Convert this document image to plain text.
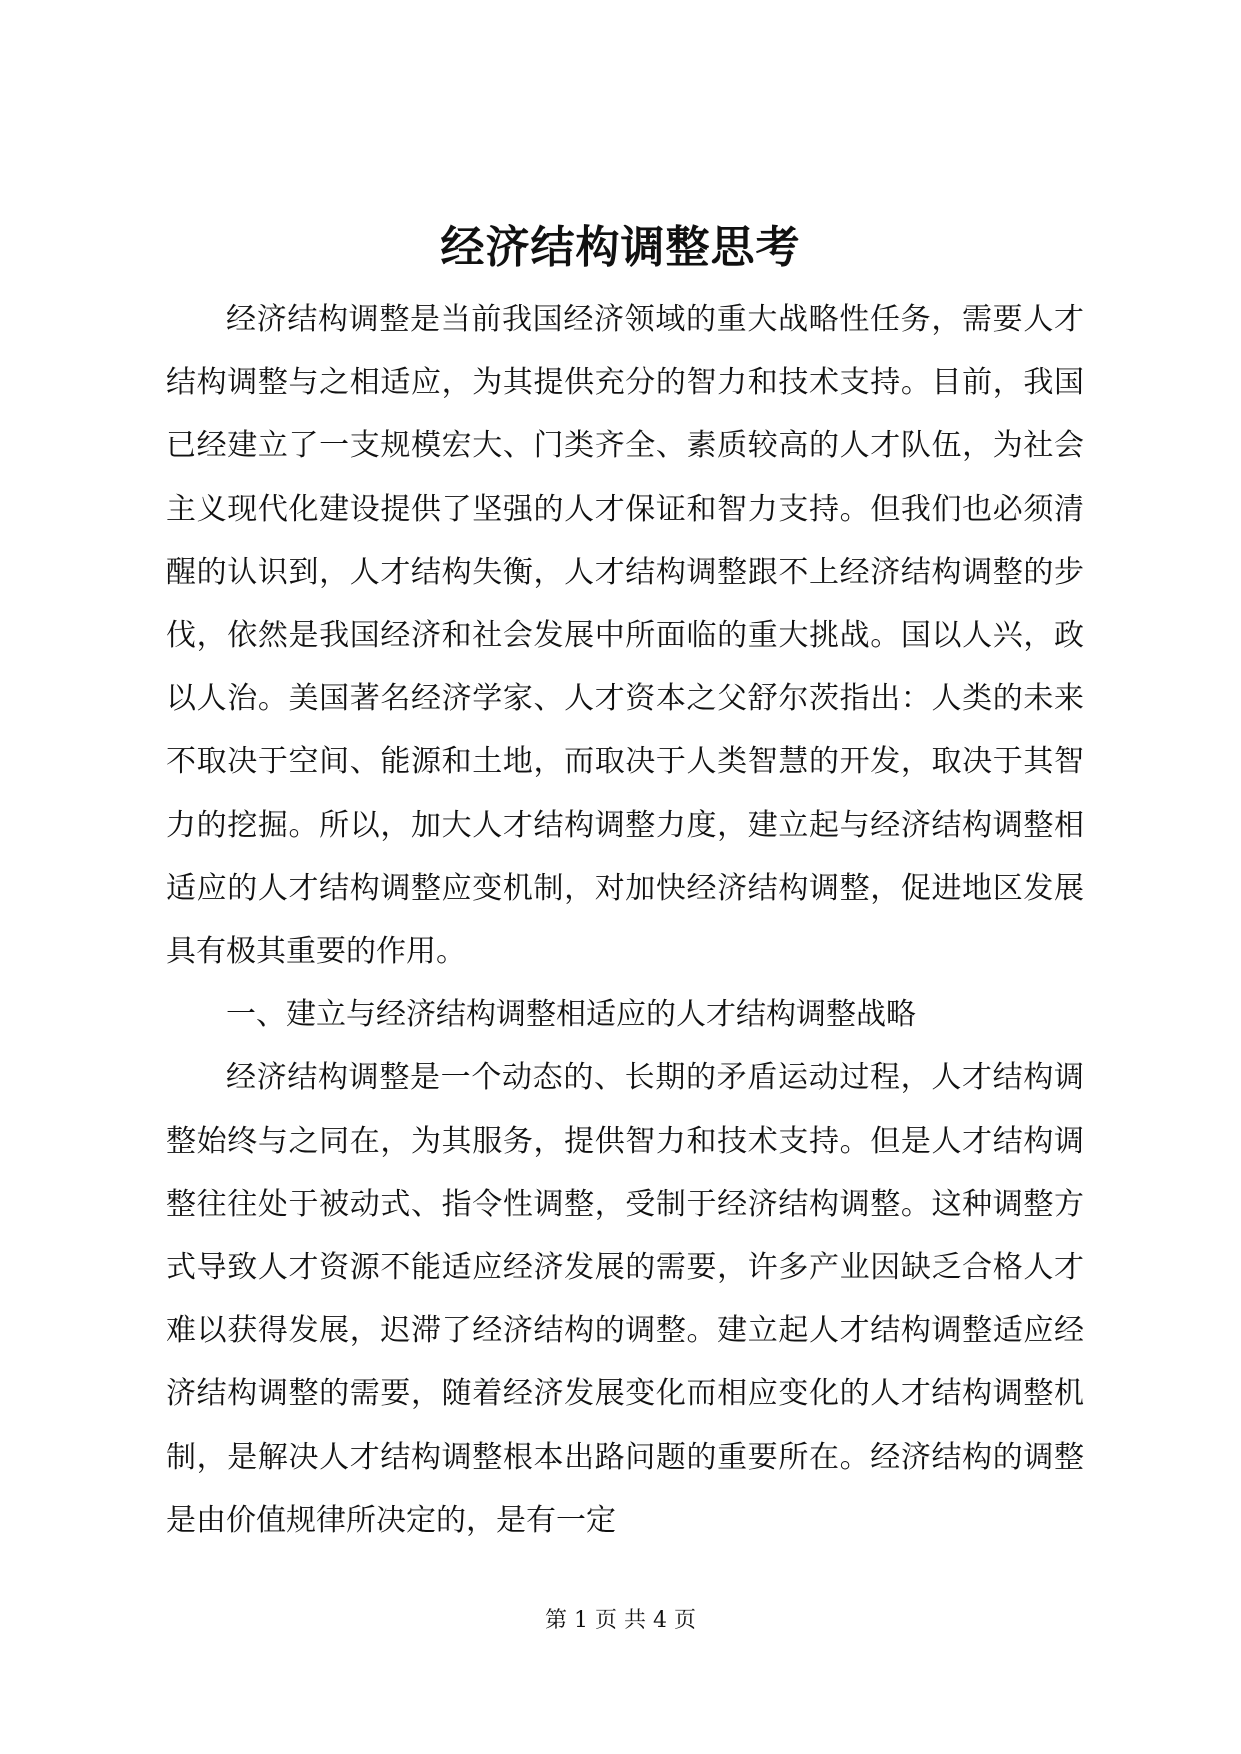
经济结构调整思考

经济结构调整是当前我国经济领域的重大战略性任务，需要人才结构调整与之相适应，为其提供充分的智力和技术支持。目前，我国已经建立了一支规模宏大、门类齐全、素质较高的人才队伍，为社会主义现代化建设提供了坚强的人才保证和智力支持。但我们也必须清醒的认识到，人才结构失衡，人才结构调整跟不上经济结构调整的步伐，依然是我国经济和社会发展中所面临的重大挑战。国以人兴，政以人治。美国著名经济学家、人才资本之父舒尔茨指出：人类的未来不取决于空间、能源和土地，而取决于人类智慧的开发，取决于其智力的挖掘。所以，加大人才结构调整力度，建立起与经济结构调整相适应的人才结构调整应变机制，对加快经济结构调整，促进地区发展具有极其重要的作用。

一、建立与经济结构调整相适应的人才结构调整战略

经济结构调整是一个动态的、长期的矛盾运动过程，人才结构调整始终与之同在，为其服务，提供智力和技术支持。但是人才结构调整往往处于被动式、指令性调整，受制于经济结构调整。这种调整方式导致人才资源不能适应经济发展的需要，许多产业因缺乏合格人才难以获得发展，迟滞了经济结构的调整。建立起人才结构调整适应经济结构调整的需要，随着经济发展变化而相应变化的人才结构调整机制，是解决人才结构调整根本出路问题的重要所在。经济结构的调整是由价值规律所决定的，是有一定

第 1 页 共 4 页
